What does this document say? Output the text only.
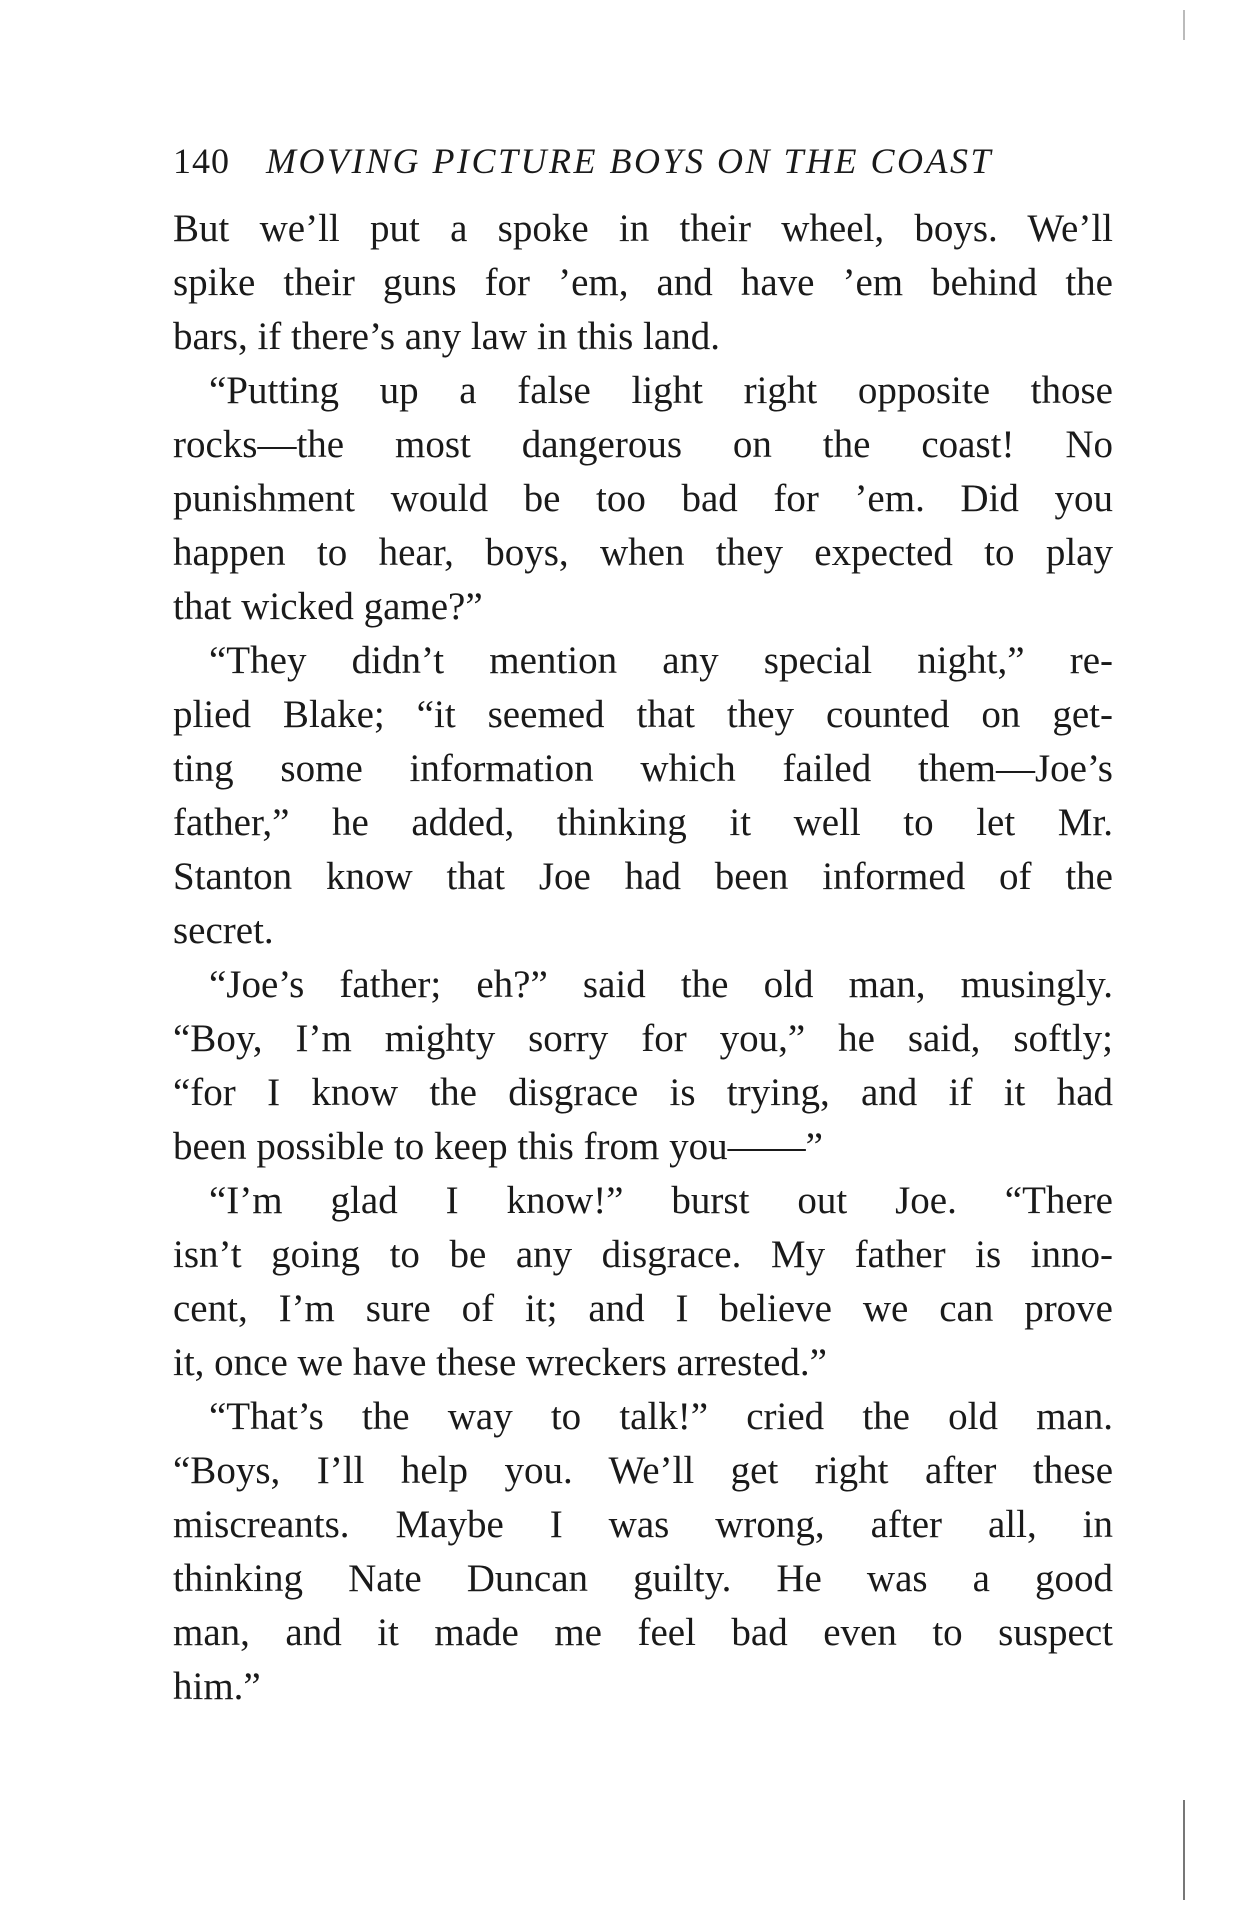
140 MOVING PICTURE BOYS ON THE COAST
But we’ll put a spoke in their wheel, boys. We’ll
spike their guns for ’em, and have ’em behind the
bars, if there’s any law in this land.
“Putting up a false light right opposite those
rocks—the most dangerous on the coast! No
punishment would be too bad for ’em. Did you
happen to hear, boys, when they expected to play
that wicked game?”
“They didn’t mention any special night,” re-
plied Blake; “it seemed that they counted on get-
ting some information which failed them—Joe’s
father,” he added, thinking it well to let Mr.
Stanton know that Joe had been informed of the
secret.
“Joe’s father; eh?” said the old man, musingly.
“Boy, I’m mighty sorry for you,” he said, softly;
“for I know the disgrace is trying, and if it had
been possible to keep this from you——”
“I’m glad I know!” burst out Joe. “There
isn’t going to be any disgrace. My father is inno-
cent, I’m sure of it; and I believe we can prove
it, once we have these wreckers arrested.”
“That’s the way to talk!” cried the old man.
“Boys, I’ll help you. We’ll get right after these
miscreants. Maybe I was wrong, after all, in
thinking Nate Duncan guilty. He was a good
man, and it made me feel bad even to suspect
him.”
